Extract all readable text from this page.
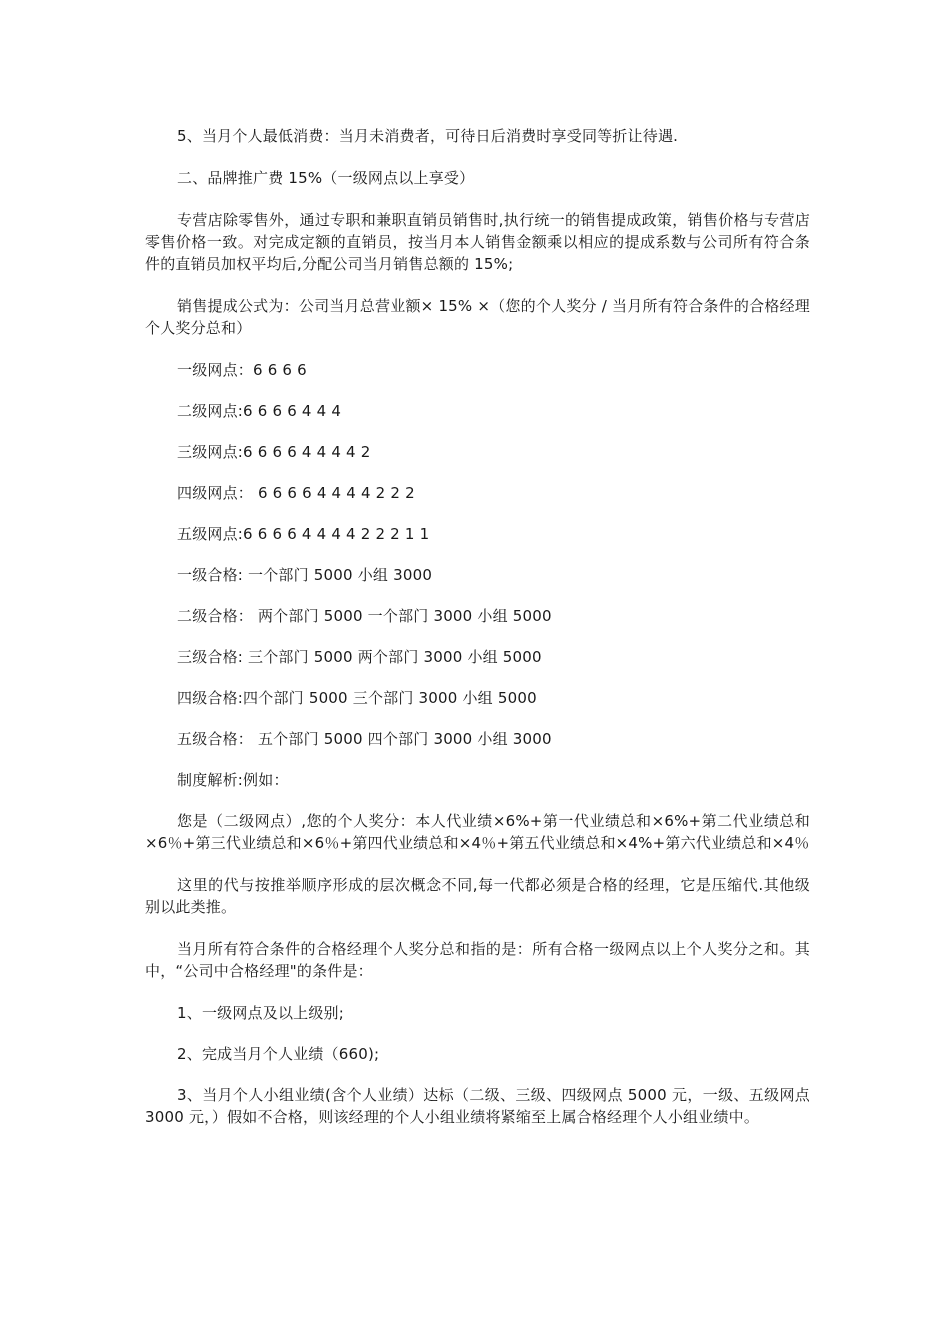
5、当月个人最低消费：当月未消费者，可待日后消费时享受同等折让待遇.

二、品牌推广费 15%（一级网点以上享受）

专营店除零售外，通过专职和兼职直销员销售时,执行统一的销售提成政策，销售价格与专营店零售价格一致。对完成定额的直销员，按当月本人销售金额乘以相应的提成系数与公司所有符合条件的直销员加权平均后,分配公司当月销售总额的 15%;

销售提成公式为：公司当月总营业额× 15% ×（您的个人奖分 / 当月所有符合条件的合格经理个人奖分总和）

一级网点：6 6 6 6

二级网点:6 6 6 6 4 4 4

三级网点:6 6 6 6 4 4 4 4 2

四级网点： 6 6 6 6 4 4 4 4 2 2 2

五级网点:6 6 6 6 4 4 4 4 2 2 2 1 1

一级合格: 一个部门 5000 小组 3000

二级合格： 两个部门 5000 一个部门 3000 小组 5000

三级合格: 三个部门 5000 两个部门 3000 小组 5000

四级合格:四个部门 5000 三个部门 3000 小组 5000

五级合格： 五个部门 5000 四个部门 3000 小组 3000

制度解析:例如：

您是（二级网点）,您的个人奖分：本人代业绩×6%+第一代业绩总和×6%+第二代业绩总和×6％+第三代业绩总和×6％+第四代业绩总和×4％+第五代业绩总和×4%+第六代业绩总和×4％

这里的代与按推举顺序形成的层次概念不同,每一代都必须是合格的经理，它是压缩代.其他级别以此类推。

当月所有符合条件的合格经理个人奖分总和指的是：所有合格一级网点以上个人奖分之和。其中，“公司中合格经理"的条件是：

1、一级网点及以上级别;

2、完成当月个人业绩（660);

3、当月个人小组业绩(含个人业绩）达标（二级、三级、四级网点 5000 元，一级、五级网点 3000 元，）假如不合格，则该经理的个人小组业绩将紧缩至上属合格经理个人小组业绩中。
